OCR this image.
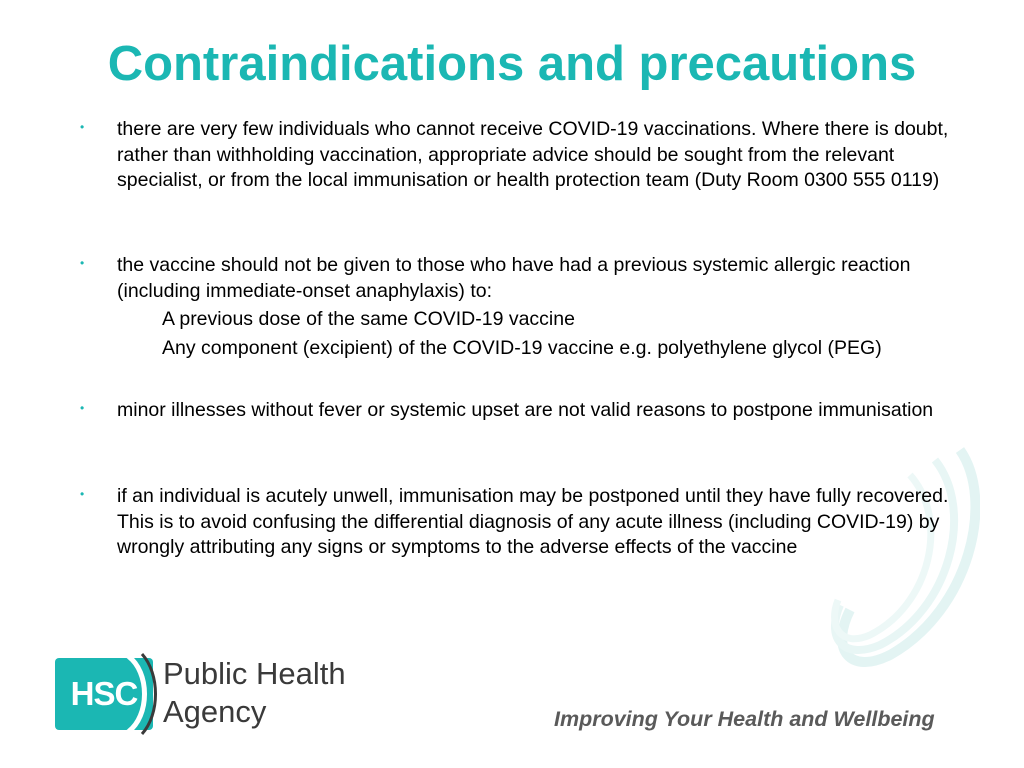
Contraindications and precautions
• there are very few individuals who cannot receive COVID-19 vaccinations. Where there is doubt, rather than withholding vaccination, appropriate advice should be sought from the relevant specialist, or from the local immunisation or health protection team (Duty Room 0300 555 0119)
• the vaccine should not be given to those who have had a previous systemic allergic reaction (including immediate-onset anaphylaxis) to:
A previous dose of the same COVID-19 vaccine
Any component (excipient) of the COVID-19 vaccine e.g. polyethylene glycol (PEG)
• minor illnesses without fever or systemic upset are not valid reasons to postpone immunisation
• if an individual is acutely unwell, immunisation may be postponed until they have fully recovered. This is to avoid confusing the differential diagnosis of any acute illness (including COVID-19) by wrongly attributing any signs or symptoms to the adverse effects of the vaccine
HSC
Public Health
Agency	Improving Your Health and Wellbeing
